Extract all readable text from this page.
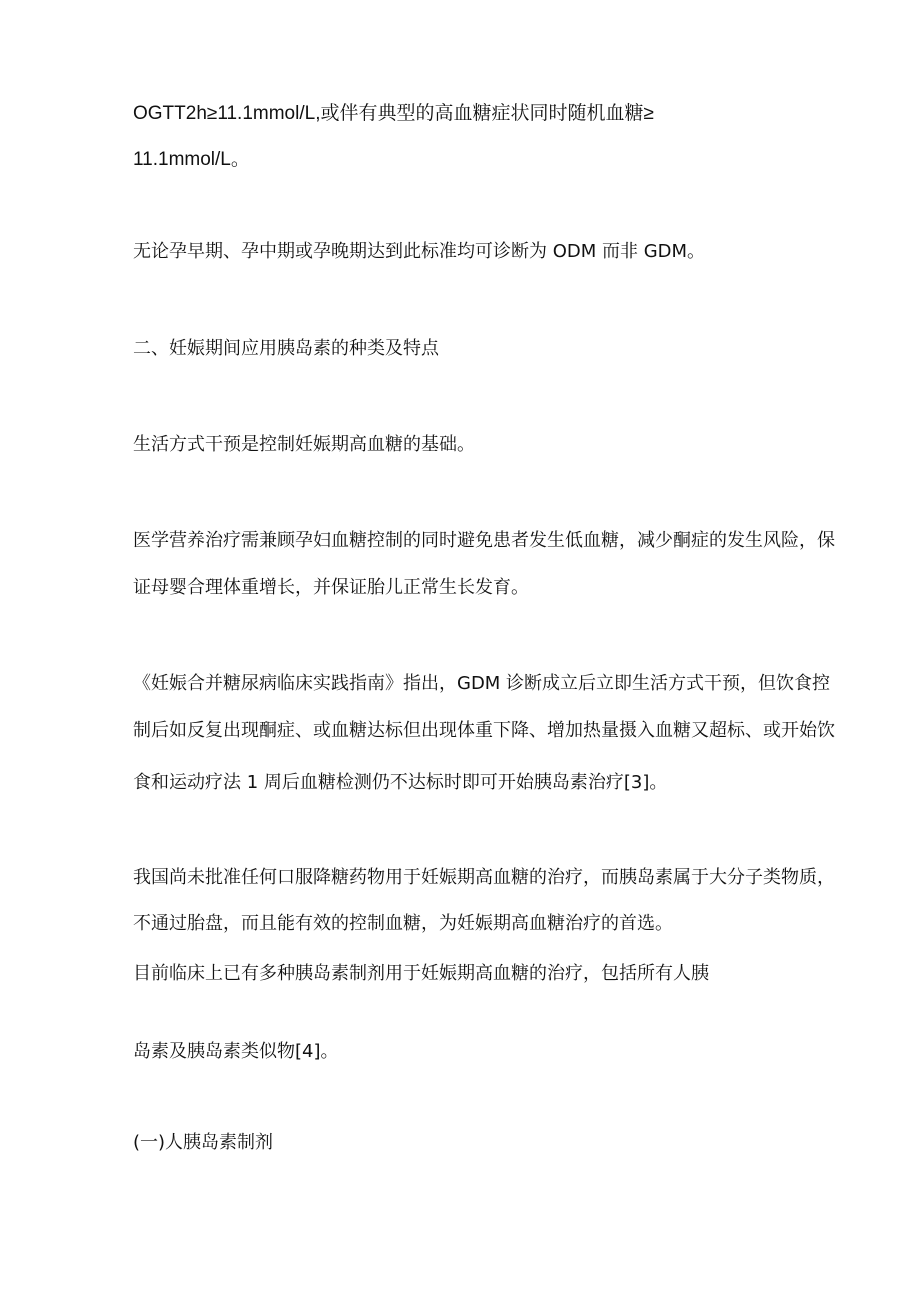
OGTT2h≥11.1mmol/L,或伴有典型的高血糖症状同时随机血糖≥
11.1mmol/L。
无论孕早期、孕中期或孕晚期达到此标准均可诊断为 ODM 而非 GDM。
二、妊娠期间应用胰岛素的种类及特点
生活方式干预是控制妊娠期高血糖的基础。
医学营养治疗需兼顾孕妇血糖控制的同时避免患者发生低血糖，减少酮症的发生风险，保
证母婴合理体重增长，并保证胎儿正常生长发育。
《妊娠合并糖尿病临床实践指南》指出，GDM 诊断成立后立即生活方式干预，但饮食控
制后如反复出现酮症、或血糖达标但出现体重下降、增加热量摄入血糖又超标、或开始饮
食和运动疗法 1 周后血糖检测仍不达标时即可开始胰岛素治疗[3]。
我国尚未批准任何口服降糖药物用于妊娠期高血糖的治疗，而胰岛素属于大分子类物质，
不通过胎盘，而且能有效的控制血糖，为妊娠期高血糖治疗的首选。
目前临床上已有多种胰岛素制剂用于妊娠期高血糖的治疗，包括所有人胰
岛素及胰岛素类似物[4]。
(一)人胰岛素制剂
